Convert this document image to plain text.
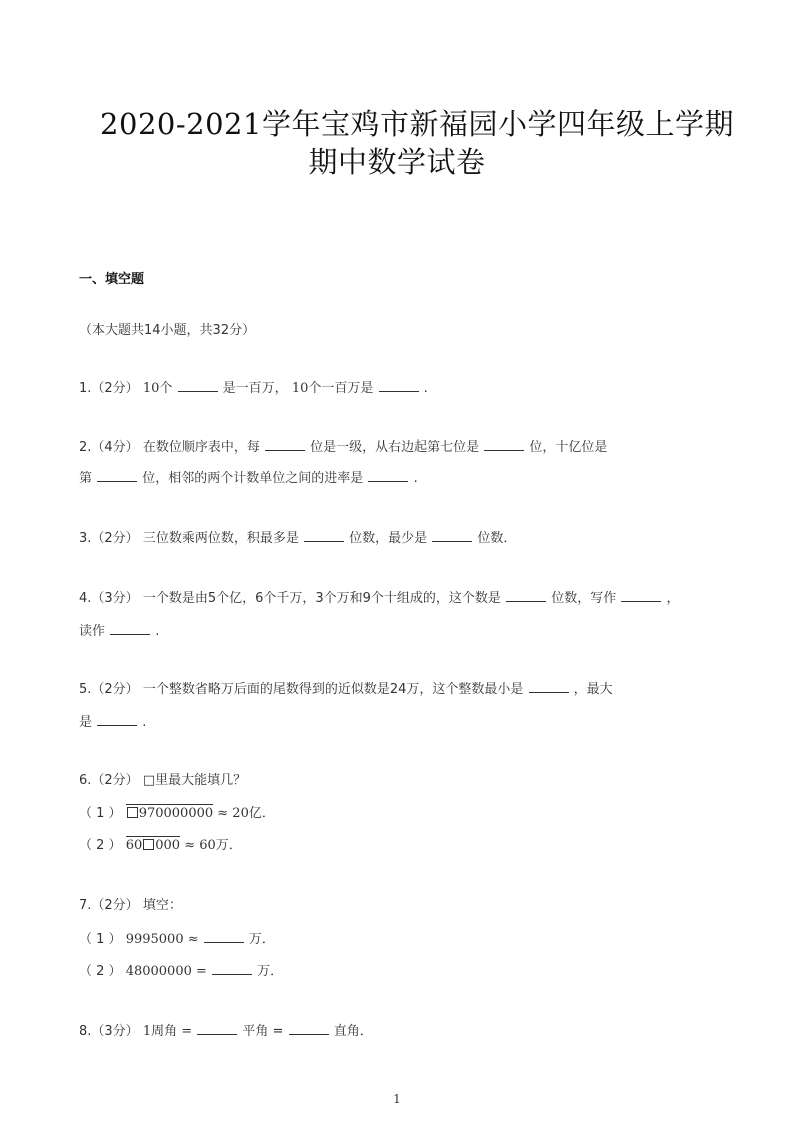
2020-2021学年宝鸡市新福园小学四年级上学期
期中数学试卷
一、填空题
（本大题共14小题，共32分）
1.（2分） 10个	是一百万， 10个一百万是	.
2.（4分） 在数位顺序表中，每	位是一级，从右边起第七位是	位，十亿位是
第	位，相邻的两个计数单位之间的进率是	.
3.（2分） 三位数乘两位数，积最多是	位数，最少是	位数．
4.（3分） 一个数是由5个亿，6个千万，3个万和9个十组成的，这个数是	位数，写作	，
读作	.
5.（2分） 一个整数省略万后面的尾数得到的近似数是24万，这个整数最小是	，最大
是	.
6.（2分） □里最大能填几？
（ 1 ） 970000000 ≈ 20亿．
（ 2 ） 60 000 ≈ 60万．
7.（2分） 填空：
（ 1 ） 9995000 ≈	万．
（ 2 ） 48000000 =	万．
8.（3分） 1周角 =	平角 =	直角．
1
